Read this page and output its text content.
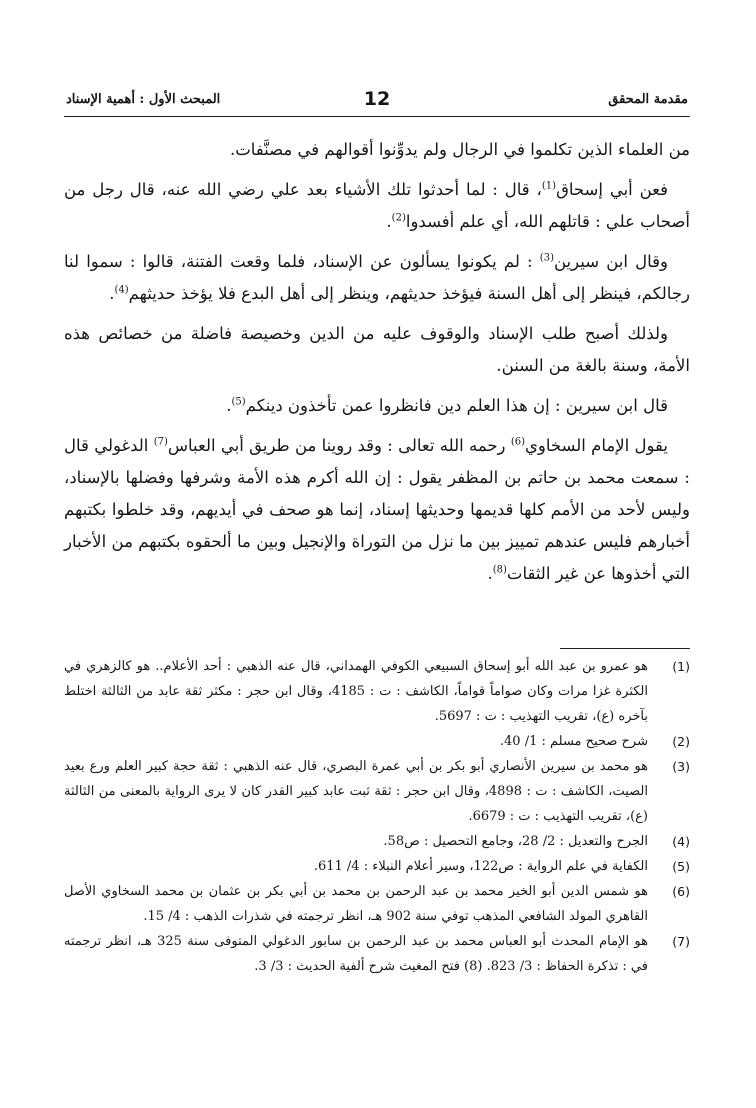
مقدمة المحقق
12
المبحث الأول : أهمية الإسناد

من العلماء الذين تكلموا في الرجال ولم يدوِّنوا أقوالهم في مصنَّفات.

فعن أبي إسحاق$^{(1)}$، قال : لما أحدثوا تلك الأشياء بعد علي رضي الله عنه، قال رجل من أصحاب علي : قاتلهم الله، أي علم أفسدوا$^{(2)}$.

وقال ابن سيرين$^{(3)}$ : لم يكونوا يسألون عن الإسناد، فلما وقعت الفتنة، قالوا : سموا لنا رجالكم، فينظر إلى أهل السنة فيؤخذ حديثهم، وينظر إلى أهل البدع فلا يؤخذ حديثهم$^{(4)}$.

ولذلك أصبح طلب الإسناد والوقوف عليه من الدين وخصيصة فاضلة من خصائص هذه الأمة، وسنة بالغة من السنن.

قال ابن سيرين : إن هذا العلم دين فانظروا عمن تأخذون دينكم$^{(5)}$.

يقول الإمام السخاوي$^{(6)}$ رحمه الله تعالى : وقد روينا من طريق أبي العباس$^{(7)}$ الدغولي قال : سمعت محمد بن حاتم بن المظفر يقول : إن الله أكرم هذه الأمة وشرفها وفضلها بالإسناد، وليس لأحد من الأمم كلها قديمها وحديثها إسناد، إنما هو صحف في أيديهم، وقد خلطوا بكتبهم أخبارهم فليس عندهم تمييز بين ما نزل من التوراة والإنجيل وبين ما ألحقوه بكتبهم من الأخبار التي أخذوها عن غير الثقات$^{(8)}$.

(1)
هو عمرو بن عبد الله أبو إسحاق السبيعي الكوفي الهمداني، قال عنه الذهبي : أحد الأعلام.. هو كالزهري في الكثرة غزا مرات وكان صواماً قواماً، الكاشف : ت : 4185، وقال ابن حجر : مكثر ثقة عابد من الثالثة اختلط بآخره (ع)، تقريب التهذيب : ت : 5697.
(2)
شرح صحيح مسلم : 1/ 40.
(3)
هو محمد بن سيرين الأنصاري أبو بكر بن أبي عمرة البصري، قال عنه الذهبي : ثقة حجة كبير العلم ورع بعيد الصيت، الكاشف : ت : 4898، وقال ابن حجر : ثقة ثبت عابد كبير القدر كان لا يرى الرواية بالمعنى من الثالثة (ع)، تقريب التهذيب : ت : 6679.
(4)
الجرح والتعديل : 2/ 28، وجامع التحصيل : ص58.
(5)
الكفاية في علم الرواية : ص122، وسير أعلام النبلاء : 4/ 611.
(6)
هو شمس الدين أبو الخير محمد بن عبد الرحمن بن محمد بن أبي بكر بن عثمان بن محمد السخاوي الأصل القاهري المولد الشافعي المذهب توفي سنة 902 هـ، انظر ترجمته في شذرات الذهب : 4/ 15.
(7)
هو الإمام المحدث أبو العباس محمد بن عبد الرحمن بن سابور الدغولي المتوفى سنة 325 هـ، انظر ترجمته في : تذكرة الحفاظ : 3/ 823. (8) فتح المغيث شرح ألفية الحديث : 3/ 3.
